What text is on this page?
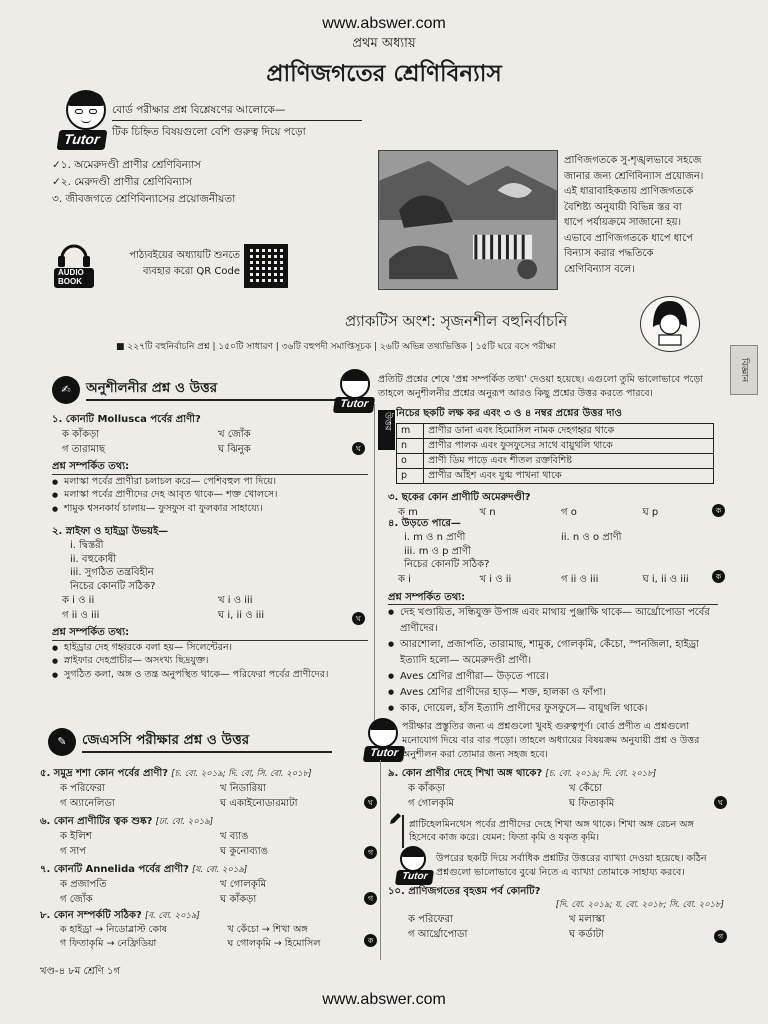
www.abswer.com
প্রথম অধ্যায়
প্রাণিজগতের শ্রেণিবিন্যাস
Tutor
বোর্ড পরীক্ষার প্রশ্ন বিশ্লেষণের আলোকে—
টিক চিহ্নিত বিষয়গুলো বেশি গুরুত্ব দিয়ে পড়ো
✓১. অমেরুদণ্ডী প্রাণীর শ্রেণিবিন্যাস
✓২. মেরুদণ্ডী প্রাণীর শ্রেণিবিন্যাস
৩. জীবজগতে শ্রেণিবিন্যাসের প্রয়োজনীয়তা
প্রাণিজগতকে সু-শৃঙ্খলভাবে সহজে
জানার জন্য শ্রেণিবিন্যাস প্রয়োজন।
এই ধারাবাহিকতায় প্রাণিজগতকে
বৈশিষ্ট্য অনুযায়ী বিভিন্ন স্তর বা
ধাপে পর্যায়ক্রমে সাজানো হয়।
এভাবে প্রাণিজগতকে ধাপে ধাপে
বিন্যাস করার পদ্ধতিকে
শ্রেণিবিন্যাস বলে।
AUDIO
BOOK
পাঠ্যবইয়ের অধ্যায়টি শুনতে
ব্যবহার করো QR Code
প্র্যাকটিস অংশ: সৃজনশীল বহুনির্বাচনি
■ ২২৭টি বহুনির্বাচনি প্রশ্ন | ১৫০টি সাধারণ | ৩৬টি বহুপদী সমাপ্তিসূচক | ২৬টি অভিন্ন তথ্যভিত্তিক | ১৫টি ঘরে বসে পরীক্ষা
বিজ্ঞান
✍	অনুশীলনীর প্রশ্ন ও উত্তর
Tutor
প্রতিটি প্রশ্নের শেষে 'প্রশ্ন সম্পর্কিত তথ্য' দেওয়া হয়েছে। এগুলো তুমি ভালোভাবে পড়ো তাহলে অনুশীলনীর প্রশ্নের অনুরূপ আরও কিছু প্রশ্নের উত্তর করতে পারবে।
১. কোনটি Mollusca পর্বের প্রাণী?
ক কাঁকড়া	খ জোঁক
গ তারামাছ	ঘ ঝিনুক
প্রশ্ন সম্পর্কিত তথ্য:
● মলাস্কা পর্বের প্রাণীরা চলাচল করে— পেশিবহুল পা দিয়ে।
● মলাস্কা পর্বের প্রাণীদের দেহ আবৃত থাকে— শক্ত খোলসে।
● শামুক শ্বসনকার্য চালায়— ফুসফুস বা ফুলকার সাহায্যে।
ঘ
২. স্নাইফা ও হাইড্রা উভয়ই—
i. দ্বিস্তরী
ii. বহুকোষী
iii. সুগঠিত তন্ত্রবিহীন
নিচের কোনটি সঠিক?
ক i ও ii	খ i ও iii
গ ii ও iii	ঘ i, ii ও iii
প্রশ্ন সম্পর্কিত তথ্য:
● হাইড্রার দেহ গহ্বরকে বলা হয়— সিলেন্টেরন।
● স্নাইফার দেহপ্রাচীর— অসংখ্য ছিদ্রযুক্ত।
● সুগঠিত কলা, অঙ্গ ও তন্ত্র অনুপস্থিত থাকে— পরিফেরা পর্বের প্রাণীদের।
ঘ
উত্তর নিচের ছকটি লক্ষ কর এবং ৩ ও ৪ নম্বর প্রশ্নের উত্তর দাও
m	প্রাণীর ডানা এবং হিমোসিল নামক দেহগহ্বর থাকে
n	প্রাণীর পালক এবং ফুসফুসের সাথে বায়ুথলি থাকে
o	প্রাণী ডিম পাড়ে এবং শীতল রক্তবিশিষ্ট
p	প্রাণীর আঁইশ এবং যুগ্ম পাখনা থাকে
৩. ছকের কোন প্রাণীটি অমেরুদণ্ডী?
ক m	খ n	গ o	ঘ p	ক
৪. উড়তে পারে—
i. m ও n প্রাণী	ii. n ও o প্রাণী
iii. m ও p প্রাণী
নিচের কোনটি সঠিক?
ক i	খ i ও ii	গ ii ও iii	ঘ i, ii ও iii
প্রশ্ন সম্পর্কিত তথ্য:
● দেহ খণ্ডায়িত, সন্ধিযুক্ত উপাঙ্গ এবং মাথায় পুঞ্জাক্ষি থাকে— আর্থ্রোপোডা পর্বের প্রাণীদের।
● আরশোলা, প্রজাপতি, তারামাছ, শামুক, গোলকৃমি, কেঁচো, স্পনজিলা, হাইড্রা ইত্যাদি হলো— অমেরুদণ্ডী প্রাণী।
● Aves শ্রেণির প্রাণীরা— উড়তে পারে।
● Aves শ্রেণির প্রাণীদের হাড়— শক্ত, হালকা ও ফাঁপা।
● কাক, দোয়েল, হাঁস ইত্যাদি প্রাণীদের ফুসফুসে— বায়ুথলি থাকে।
ক
✎	জেএসসি পরীক্ষার প্রশ্ন ও উত্তর
Tutor
পরীক্ষার প্রস্তুতির জন্য এ প্রশ্নগুলো খুবই গুরুত্বপূর্ণ। বোর্ড প্রণীত এ প্রশ্নগুলো মনোযোগ দিয়ে বার বার পড়ো। তাহলে অধ্যায়ের বিষয়ক্রম অনুযায়ী প্রশ্ন ও উত্তর অনুশীলন করা তোমার জন্য সহজ হবে।
৫. সমুদ্র শশা কোন পর্বের প্রাণী? [চ. বো. ২০১৯; দি. বো, সি. বো. ২০১৮]
ক পরিফেরা	খ নিডারিয়া
গ অ্যানেলিডা	ঘ একাইনোডারমাটা	ঘ
৬. কোন প্রাণীটির ত্বক শুষ্ক? [ঢা. বো. ২০১৯]
ক ইলিশ	খ ব্যাঙ
গ সাপ	ঘ কুনোব্যাঙ	গ
৭. কোনটি Annelida পর্বের প্রাণী? [য. বো. ২০১৯]
ক প্রজাপতি	খ গোলকৃমি
গ জোঁক	ঘ কাঁকড়া	গ
৮. কোন সম্পর্কটি সঠিক? [ব. বো. ২০১৯]
ক হাইড্রা → নিডোব্লাস্ট কোষ	খ কেঁচো → শিখা অঙ্গ
গ ফিতাকৃমি → নেফ্রিডিয়া	ঘ গোলকৃমি → হিমোসিল	ক
৯. কোন প্রাণীর দেহে শিখা অঙ্গ থাকে? [চ. বো. ২০১৯; দি. বো. ২০১৮]
ক কাঁকড়া	খ কেঁচো
গ গোলকৃমি	ঘ ফিতাকৃমি
প্লাটিহেলমিনথেস পর্বের প্রাণীদের দেহে শিখা অঙ্গ থাকে। শিখা অঙ্গ রেচন অঙ্গ হিসেবে কাজ করে। যেমন: ফিতা কৃমি ও যকৃত কৃমি।
ঘ
Tutor
উপরের ছকটি দিয়ে সর্বাধিক প্রশ্নটির উত্তরের ব্যাখ্যা দেওয়া হয়েছে। কঠিন প্রশ্নগুলো ভালোভাবে বুঝে নিতে এ ব্যাখ্যা তোমাকে সাহায্য করবে।
১০. প্রাণিজগতের বৃহত্তম পর্ব কোনটি?
[দি. বো. ২০১৯; য. বো. ২০১৮; সি. বো. ২০১৮]
ক পরিফেরা	খ মলাস্কা
গ আর্থ্রোপোডা	ঘ কর্ডাটা	গ
খণ্ড-৪ ৮ম শ্রেণি ১গ
www.abswer.com
